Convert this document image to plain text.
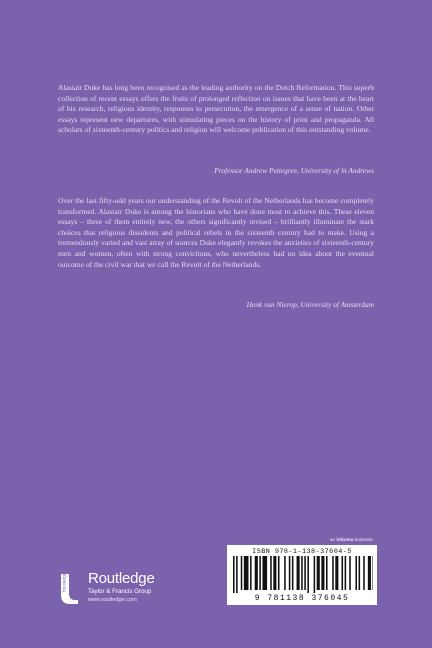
Alastair Duke has long been recognised as the leading authority on the Dutch Reformation. This superb collection of recent essays offers the fruits of prolonged reflection on issues that have been at the heart of his research, religious identity, responses to persecution, the emergence of a sense of nation. Other essays represent new departures, with stimulating pieces on the history of print and propaganda. All scholars of sixteenth-century politics and religion will welcome publication of this outstanding volume.

Professor Andrew Pettegree, University of St Andrews

Over the last fifty-odd years our understanding of the Revolt of the Netherlands has become completely transformed. Alastair Duke is among the historians who have done most to achieve this. These eleven essays – three of them entirely new, the others significantly revised – brilliantly illuminate the stark choices that religious dissidents and political rebels in the sixteenth century had to make. Using a tremendously varied and vast array of sources Duke elegantly revokes the anxieties of sixteenth-century men and women, often with strong convictions, who nevertheless had no idea about the eventual outcome of the civil war that we call the Revolt of the Netherlands.

Henk van Nierop, University of Amsterdam
an informa business
ISBN 978-1-138-37604-5
9 781138 376045
Routledge Routledge
Taylor & Francis Group
www.routledge.com
